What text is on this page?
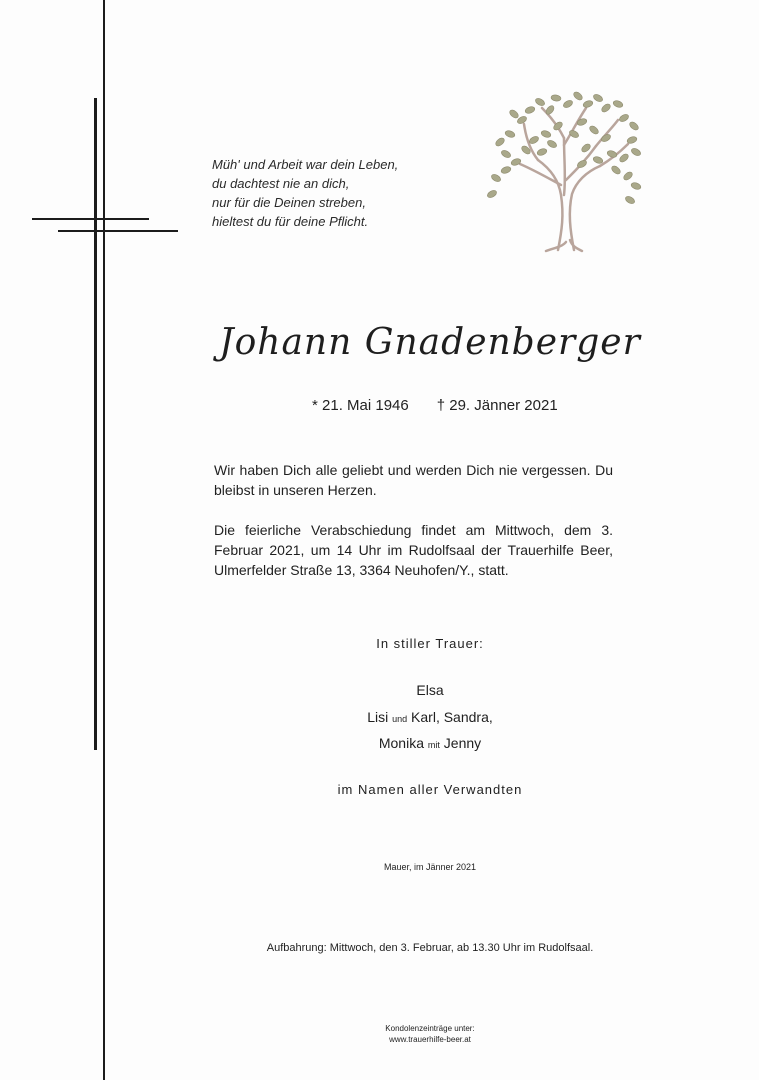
Müh' und Arbeit war dein Leben,
du dachtest nie an dich,
nur für die Deinen streben,
hieltest du für deine Pflicht.
Johann Gnadenberger
* 21. Mai 1946 † 29. Jänner 2021
Wir haben Dich alle geliebt und werden Dich nie vergessen. Du bleibst in unseren Herzen.
Die feierliche Verabschiedung findet am Mittwoch, dem 3. Februar 2021, um 14 Uhr im Rudolfsaal der Trauerhilfe Beer, Ulmerfelder Straße 13, 3364 Neuhofen/Y., statt.
In stiller Trauer:
Elsa
Lisi und Karl, Sandra,
Monika mit Jenny
im Namen aller Verwandten
Mauer, im Jänner 2021
Aufbahrung: Mittwoch, den 3. Februar, ab 13.30 Uhr im Rudolfsaal.
Kondolenzeinträge unter:
www.trauerhilfe-beer.at
